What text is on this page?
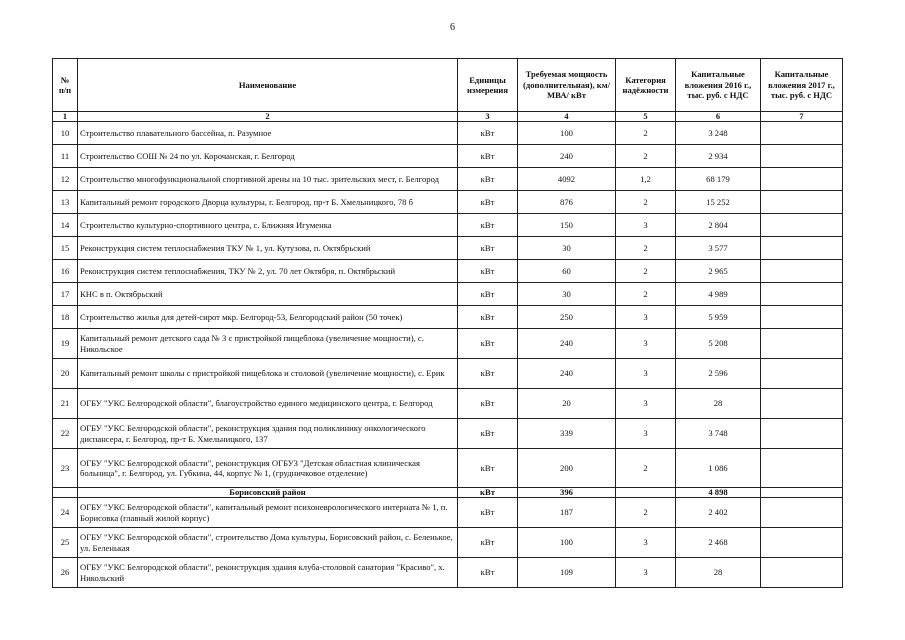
6
№ п/п	Наименование	Единицы измерения	Требуемая мощность (дополнительная), км/ МВА/ кВт	Категория надёжности	Капитальные вложения 2016 г., тыс. руб. с НДС	Капитальные вложения 2017 г., тыс. руб. с НДС
1	2	3	4	5	6	7
10	Строительство плавательного бассейна, п. Разумное	кВт	100	2	3 248	
11	Строительство СОШ № 24 по ул. Корочанская, г. Белгород	кВт	240	2	2 934	
12	Строительство многофункциональной спортивной арены на 10 тыс. зрительских мест, г. Белгород	кВт	4092	1,2	68 179	
13	Капитальный ремонт городского Дворца культуры, г. Белгород, пр-т Б. Хмельницкого, 78 б	кВт	876	2	15 252	
14	Строительство культурно-спортивного центра, с. Ближняя Игуменка	кВт	150	3	2 804	
15	Реконструкция систем теплоснабжения ТКУ № 1, ул. Кутузова, п. Октябрьский	кВт	30	2	3 577	
16	Реконструкция систем теплоснабжения, ТКУ № 2, ул. 70 лет Октября, п. Октябрьский	кВт	60	2	2 965	
17	КНС в п. Октябрьский	кВт	30	2	4 989	
18	Строительство жилья для детей-сирот мкр. Белгород-53, Белгородский район (50 точек)	кВт	250	3	5 959	
19	Капитальный ремонт детского сада № 3 с пристройкой пищеблока (увеличение мощности), с. Никольское	кВт	240	3	5 208	
20	Капитальный ремонт школы с пристройкой пищеблока и столовой (увеличение мощности), с. Ерик	кВт	240	3	2 596	
21	ОГБУ "УКС Белгородской области", благоустройство единого медицинского центра, г. Белгород	кВт	20	3	28	
22	ОГБУ "УКС Белгородской области", реконструкция здания под поликлинику онкологического диспансера, г. Белгород, пр-т Б. Хмельницкого, 137	кВт	339	3	3 748	
23	ОГБУ "УКС Белгородской области", реконструкция ОГБУЗ "Детская областная клиническая больница", г. Белгород, ул. Губкина, 44, корпус № 1, (грудничковое отделение)	кВт	200	2	1 086	
	Борисовский район	кВт	396		4 898	
24	ОГБУ "УКС Белгородской области", капитальный ремонт психоневрологического интерната № 1, п. Борисовка (главный жилой корпус)	кВт	187	2	2 402	
25	ОГБУ "УКС Белгородской области", строительство Дома культуры, Борисовский район, с. Беленькое, ул. Беленькая	кВт	100	3	2 468	
26	ОГБУ "УКС Белгородской области", реконструкция здания клуба-столовой санатория "Красиво", х. Никольский	кВт	109	3	28	
